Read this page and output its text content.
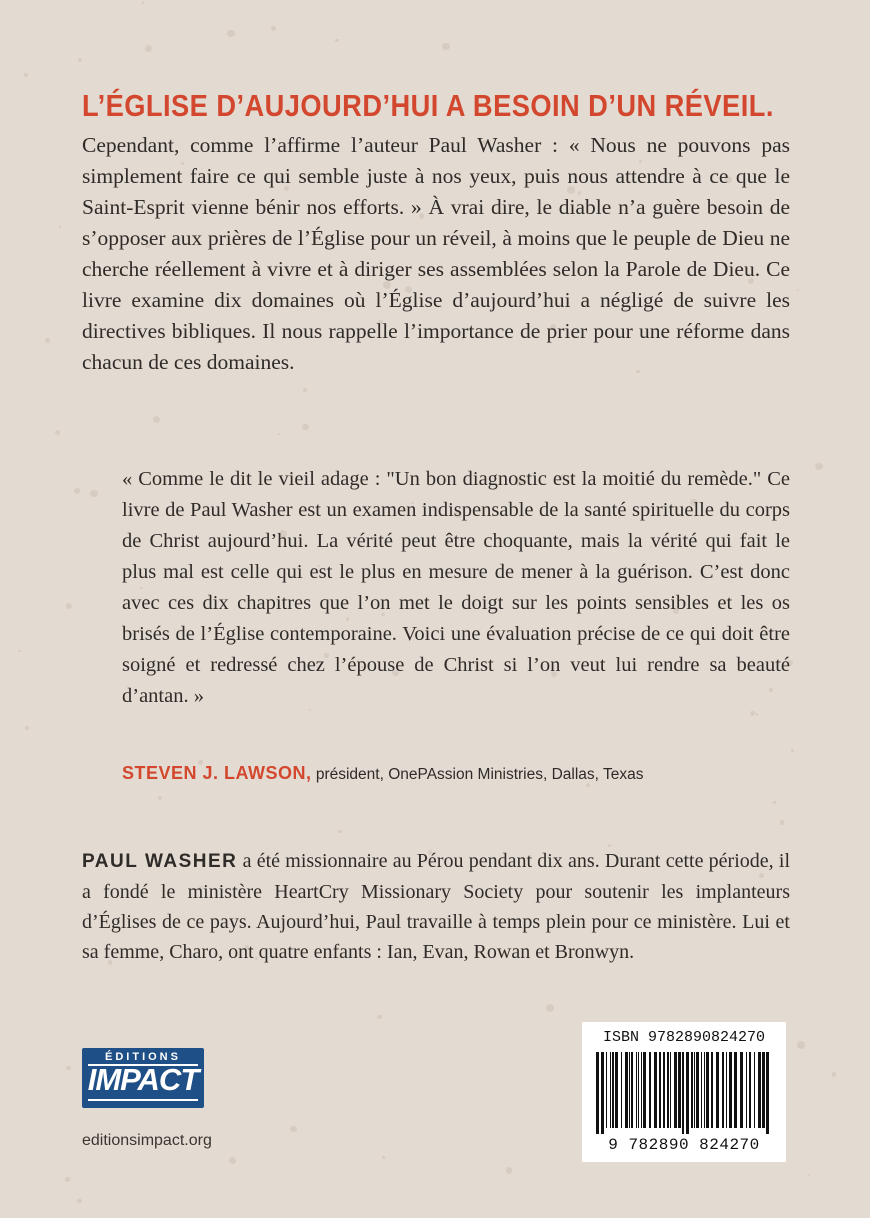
L’ÉGLISE D’AUJOURD’HUI A BESOIN D’UN RÉVEIL.

Cependant, comme l’affirme l’auteur Paul Washer : « Nous ne pouvons pas simplement faire ce qui semble juste à nos yeux, puis nous attendre à ce que le Saint-Esprit vienne bénir nos efforts. » À vrai dire, le diable n’a guère besoin de s’opposer aux prières de l’Église pour un réveil, à moins que le peuple de Dieu ne cherche réellement à vivre et à diriger ses assemblées selon la Parole de Dieu. Ce livre examine dix domaines où l’Église d’aujourd’hui a négligé de suivre les directives bibliques. Il nous rappelle l’importance de prier pour une réforme dans chacun de ces domaines.

« Comme le dit le vieil adage : "Un bon diagnostic est la moitié du remède." Ce livre de Paul Washer est un examen indispensable de la santé spirituelle du corps de Christ aujourd’hui. La vérité peut être choquante, mais la vérité qui fait le plus mal est celle qui est le plus en mesure de mener à la guérison. C’est donc avec ces dix chapitres que l’on met le doigt sur les points sensibles et les os brisés de l’Église contemporaine. Voici une évaluation précise de ce qui doit être soigné et redressé chez l’épouse de Christ si l’on veut lui rendre sa beauté d’antan. »

STEVEN J. LAWSON, président, OnePAssion Ministries, Dallas, Texas

PAUL WASHER a été missionnaire au Pérou pendant dix ans. Durant cette période, il a fondé le ministère HeartCry Missionary Society pour soutenir les implanteurs d’Églises de ce pays. Aujourd’hui, Paul travaille à temps plein pour ce ministère. Lui et sa femme, Charo, ont quatre enfants : Ian, Evan, Rowan et Bronwyn.

ÉDITIONS
IMPACT
editionsimpact.org
ISBN 9782890824270
9 782890 824270
